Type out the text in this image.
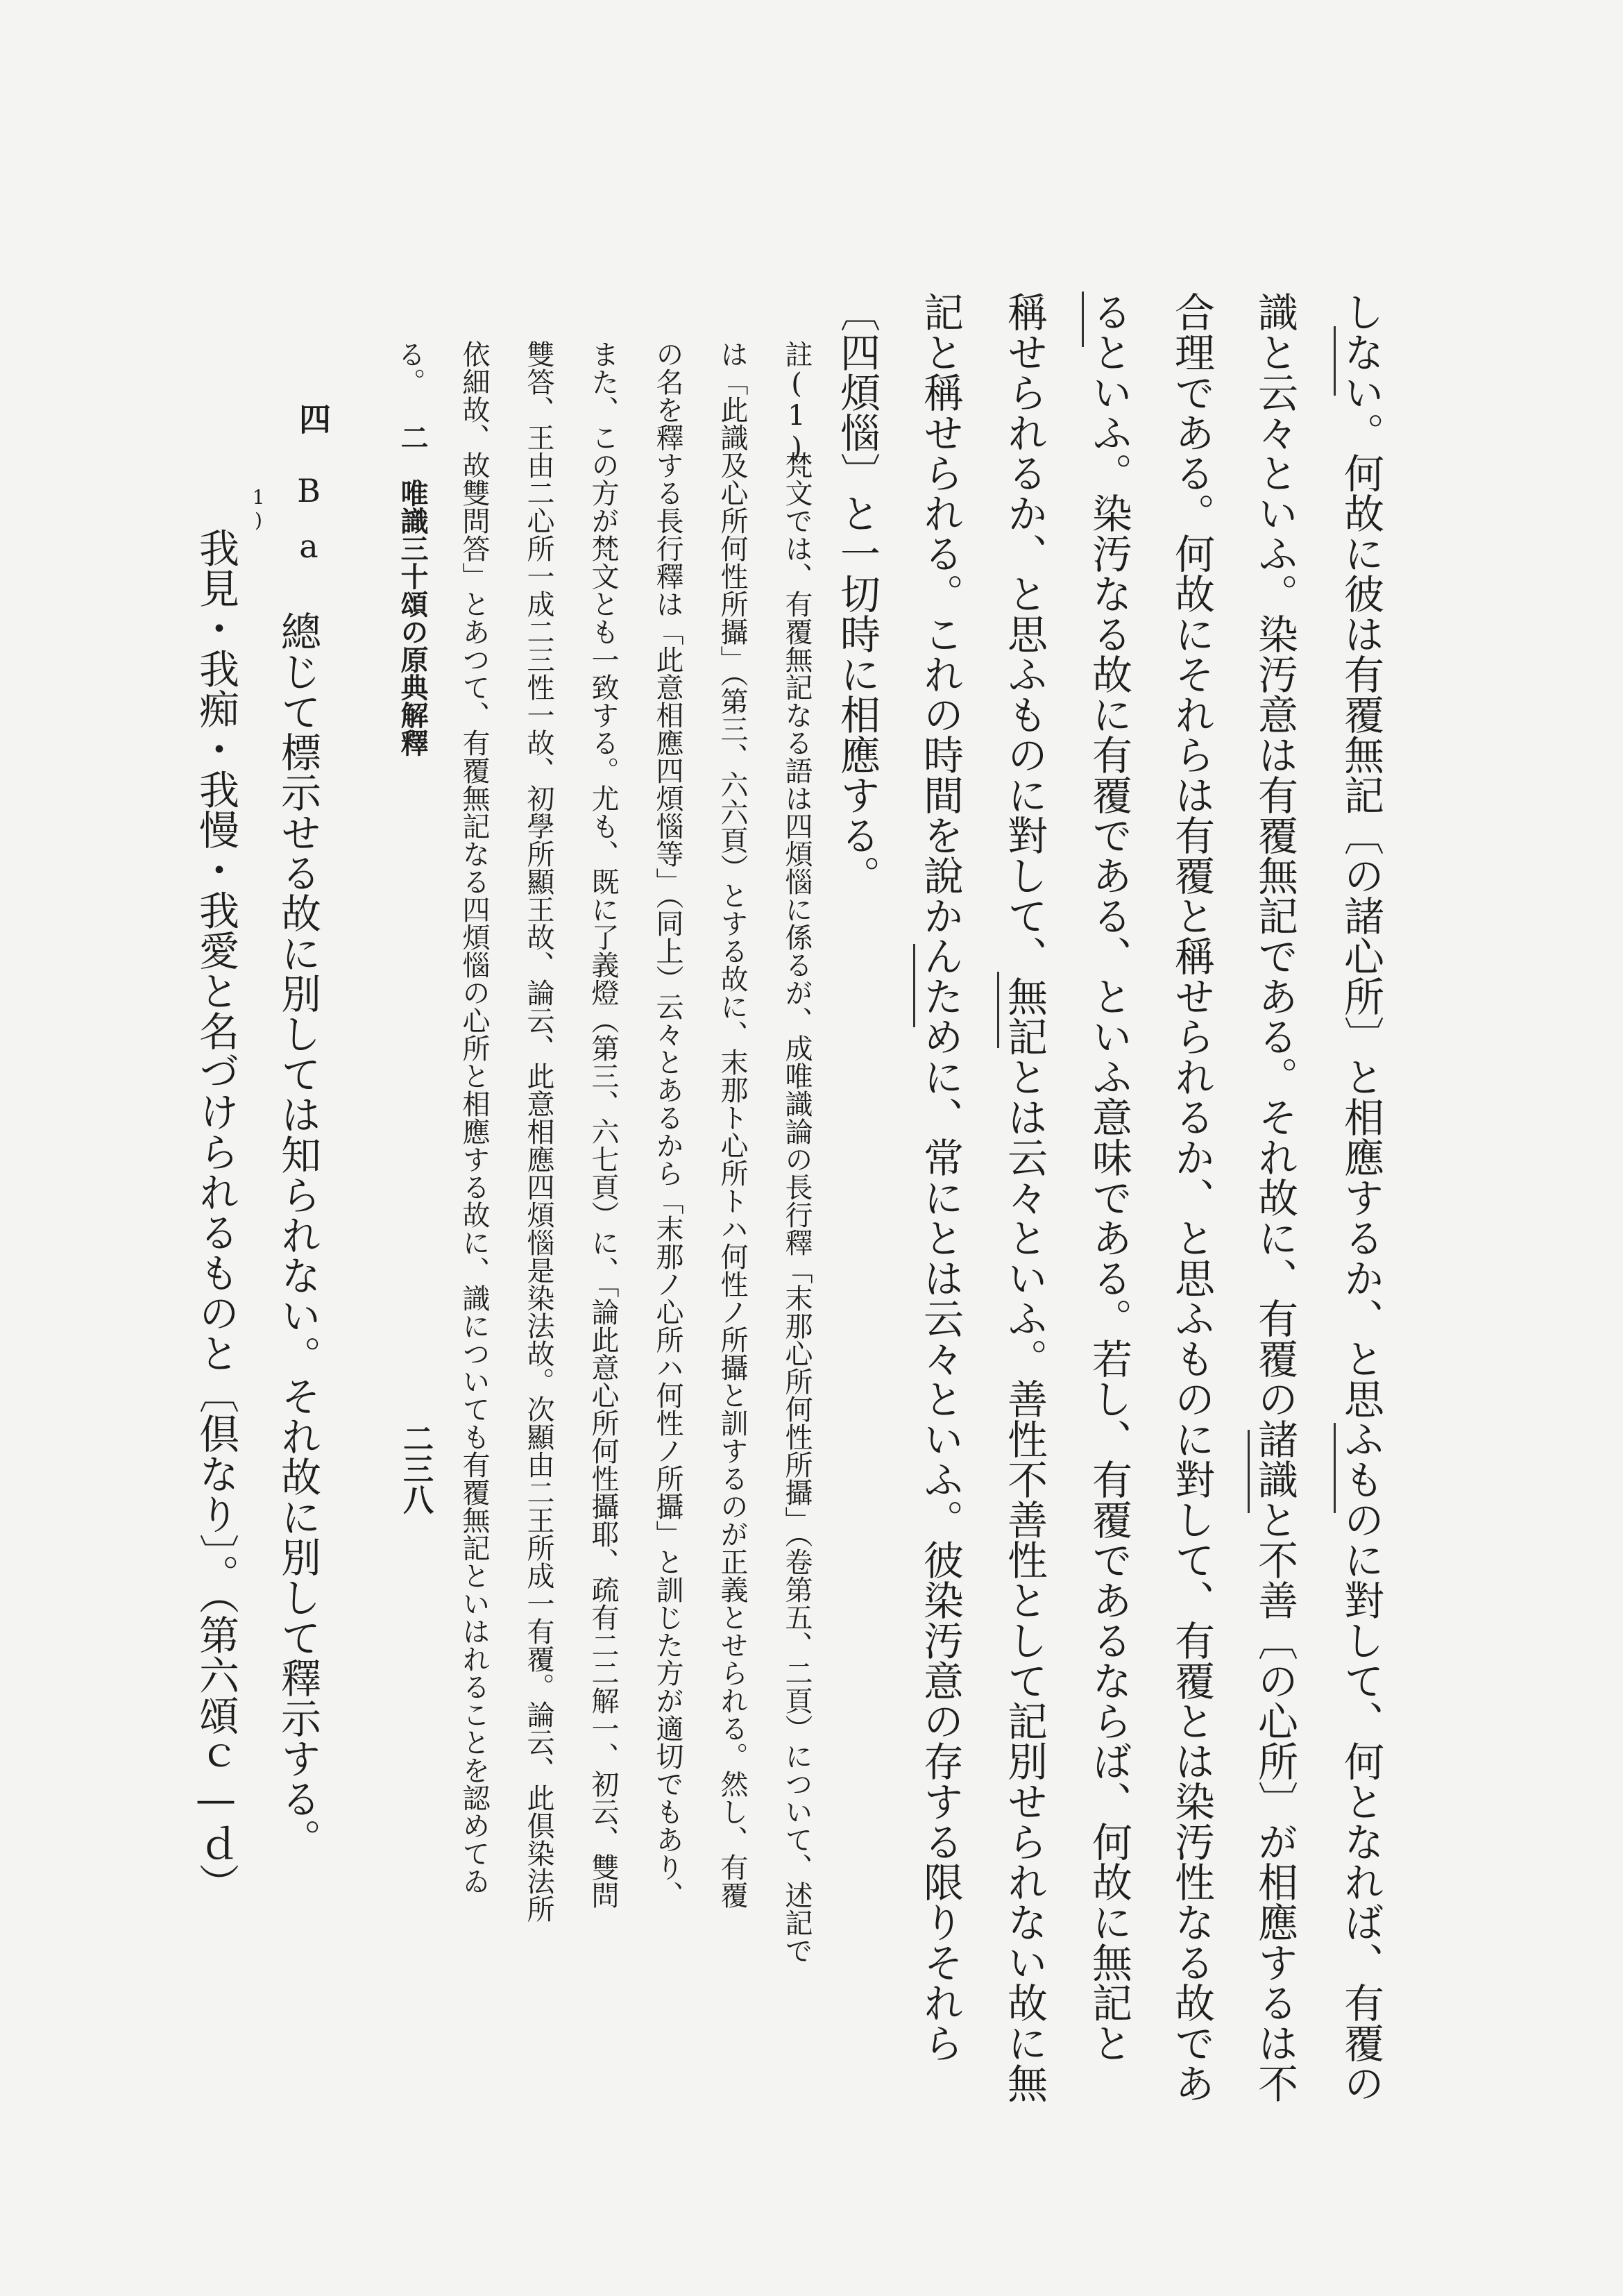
二　唯識三十頌の原典解釋
二三八	しない。何故に彼は有覆無記〔の諸心所〕と相應するか、と思ふものに對して、何となれば、有覆の
識と云々といふ。染汚意は有覆無記である。それ故に、有覆の諸識と不善〔の心所〕が相應するは不
合理である。何故にそれらは有覆と稱せられるか、と思ふものに對して、有覆とは染汚性なる故であ
るといふ。染汚なる故に有覆である、といふ意味である。若し、有覆であるならば、何故に無記と
稱せられるか、と思ふものに對して、無記とは云々といふ。善性不善性として記別せられない故に無
記と稱せられる。これの時間を說かんために、常にとは云々といふ。彼染汚意の存する限りそれら
〔四煩惱〕と一切時に相應する。
註(1)
梵文では、有覆無記なる語は四煩惱に係るが、成唯識論の長行釋「末那心所何性所攝」（卷第五、二頁）について、述記で
は「此識及心所何性所攝」（第三、六六頁）とする故に、末那ト心所トハ何性ノ所攝と訓するのが正義とせられる。然し、有覆
の名を釋する長行釋は「此意相應四煩惱等」（同上）云々とあるから「末那ノ心所ハ何性ノ所攝」と訓じた方が適切でもあり、
また、この方が梵文とも一致する。尤も、既に了義燈（第三、六七頁）に、「論此意心所何性攝耶、疏有二二解一、初云、雙問
雙答、王由二心所一成二三性一故、初學所顯王故、論云、此意相應四煩惱是染法故。次顯由二王所成一有覆。論云、此倶染法所
依細故、故雙問答」とあつて、有覆無記なる四煩惱の心所と相應する故に、識についても有覆無記といはれることを認めてゐ
る。
四
B
a
總じて標示せる故に別しては知られない。それ故に別して釋示する。
1)
我見・我痴・我慢・我愛と名づけられるものと〔倶なり〕。（第六頌ｃ—ｄ）
